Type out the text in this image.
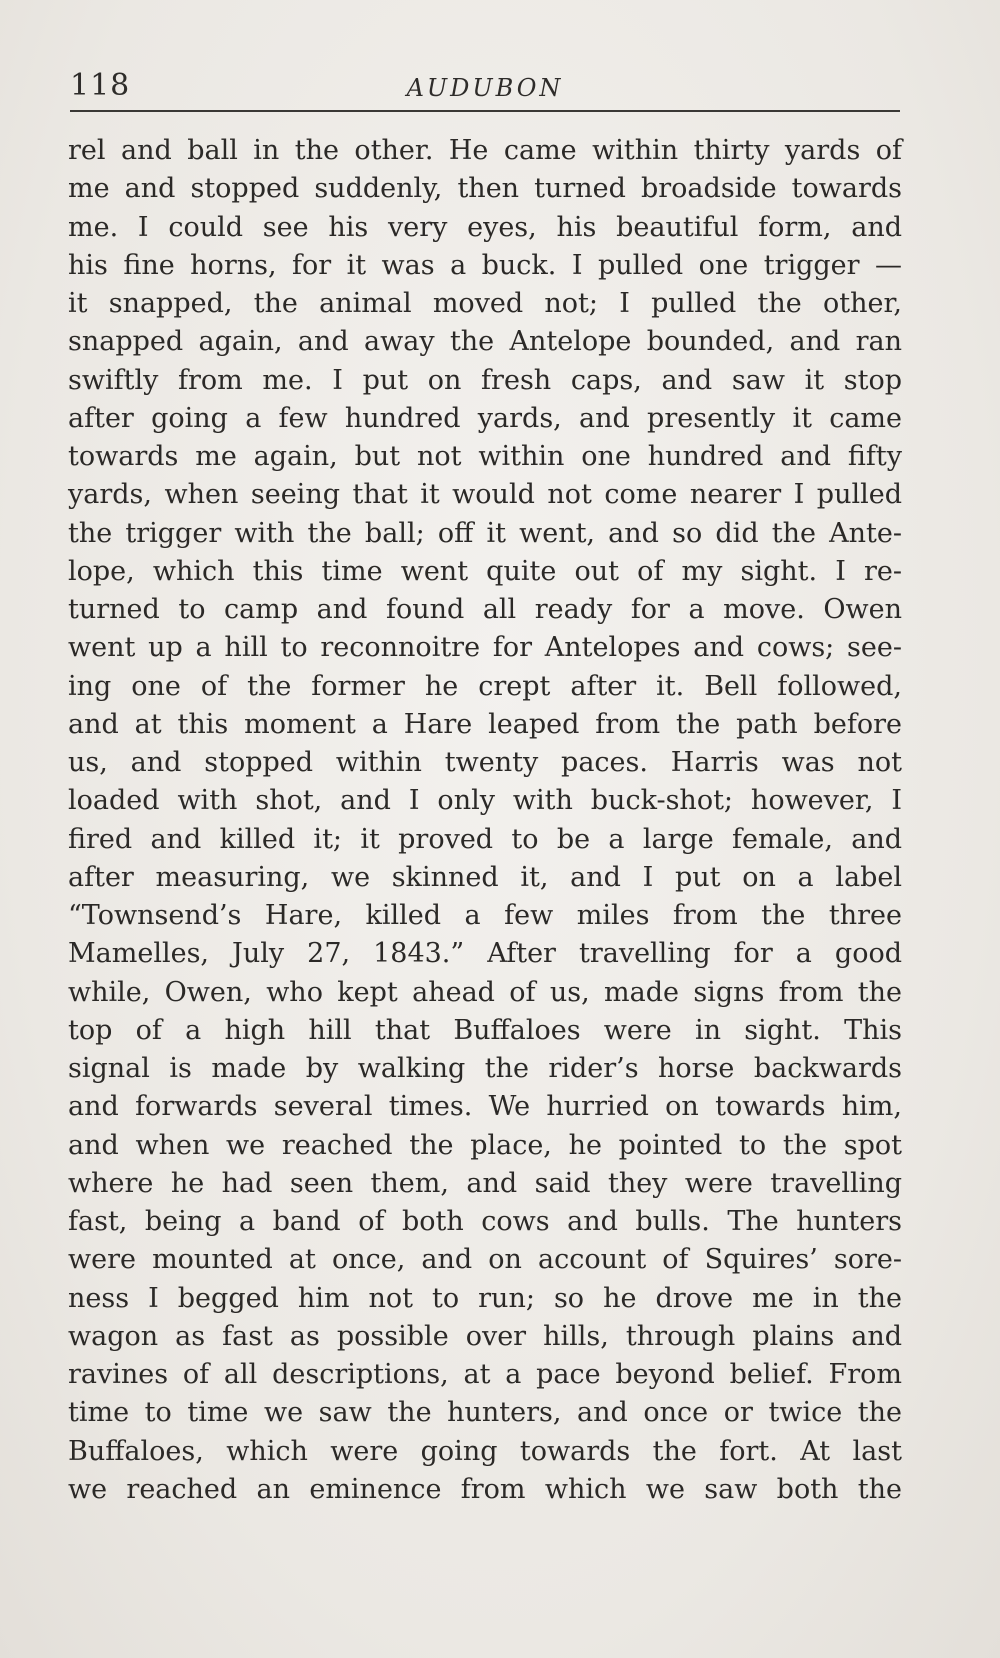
118	AUDUBON
rel and ball in the other. He came within thirty yards of
me and stopped suddenly, then turned broadside towards
me. I could see his very eyes, his beautiful form, and
his fine horns, for it was a buck. I pulled one trigger —
it snapped, the animal moved not; I pulled the other,
snapped again, and away the Antelope bounded, and ran
swiftly from me. I put on fresh caps, and saw it stop
after going a few hundred yards, and presently it came
towards me again, but not within one hundred and fifty
yards, when seeing that it would not come nearer I pulled
the trigger with the ball; off it went, and so did the Ante-
lope, which this time went quite out of my sight. I re-
turned to camp and found all ready for a move. Owen
went up a hill to reconnoitre for Antelopes and cows; see-
ing one of the former he crept after it. Bell followed,
and at this moment a Hare leaped from the path before
us, and stopped within twenty paces. Harris was not
loaded with shot, and I only with buck-shot; however, I
fired and killed it; it proved to be a large female, and
after measuring, we skinned it, and I put on a label
“Townsend’s Hare, killed a few miles from the three
Mamelles, July 27, 1843.” After travelling for a good
while, Owen, who kept ahead of us, made signs from the
top of a high hill that Buffaloes were in sight. This
signal is made by walking the rider’s horse backwards
and forwards several times. We hurried on towards him,
and when we reached the place, he pointed to the spot
where he had seen them, and said they were travelling
fast, being a band of both cows and bulls. The hunters
were mounted at once, and on account of Squires’ sore-
ness I begged him not to run; so he drove me in the
wagon as fast as possible over hills, through plains and
ravines of all descriptions, at a pace beyond belief. From
time to time we saw the hunters, and once or twice the
Buffaloes, which were going towards the fort. At last
we reached an eminence from which we saw both the
